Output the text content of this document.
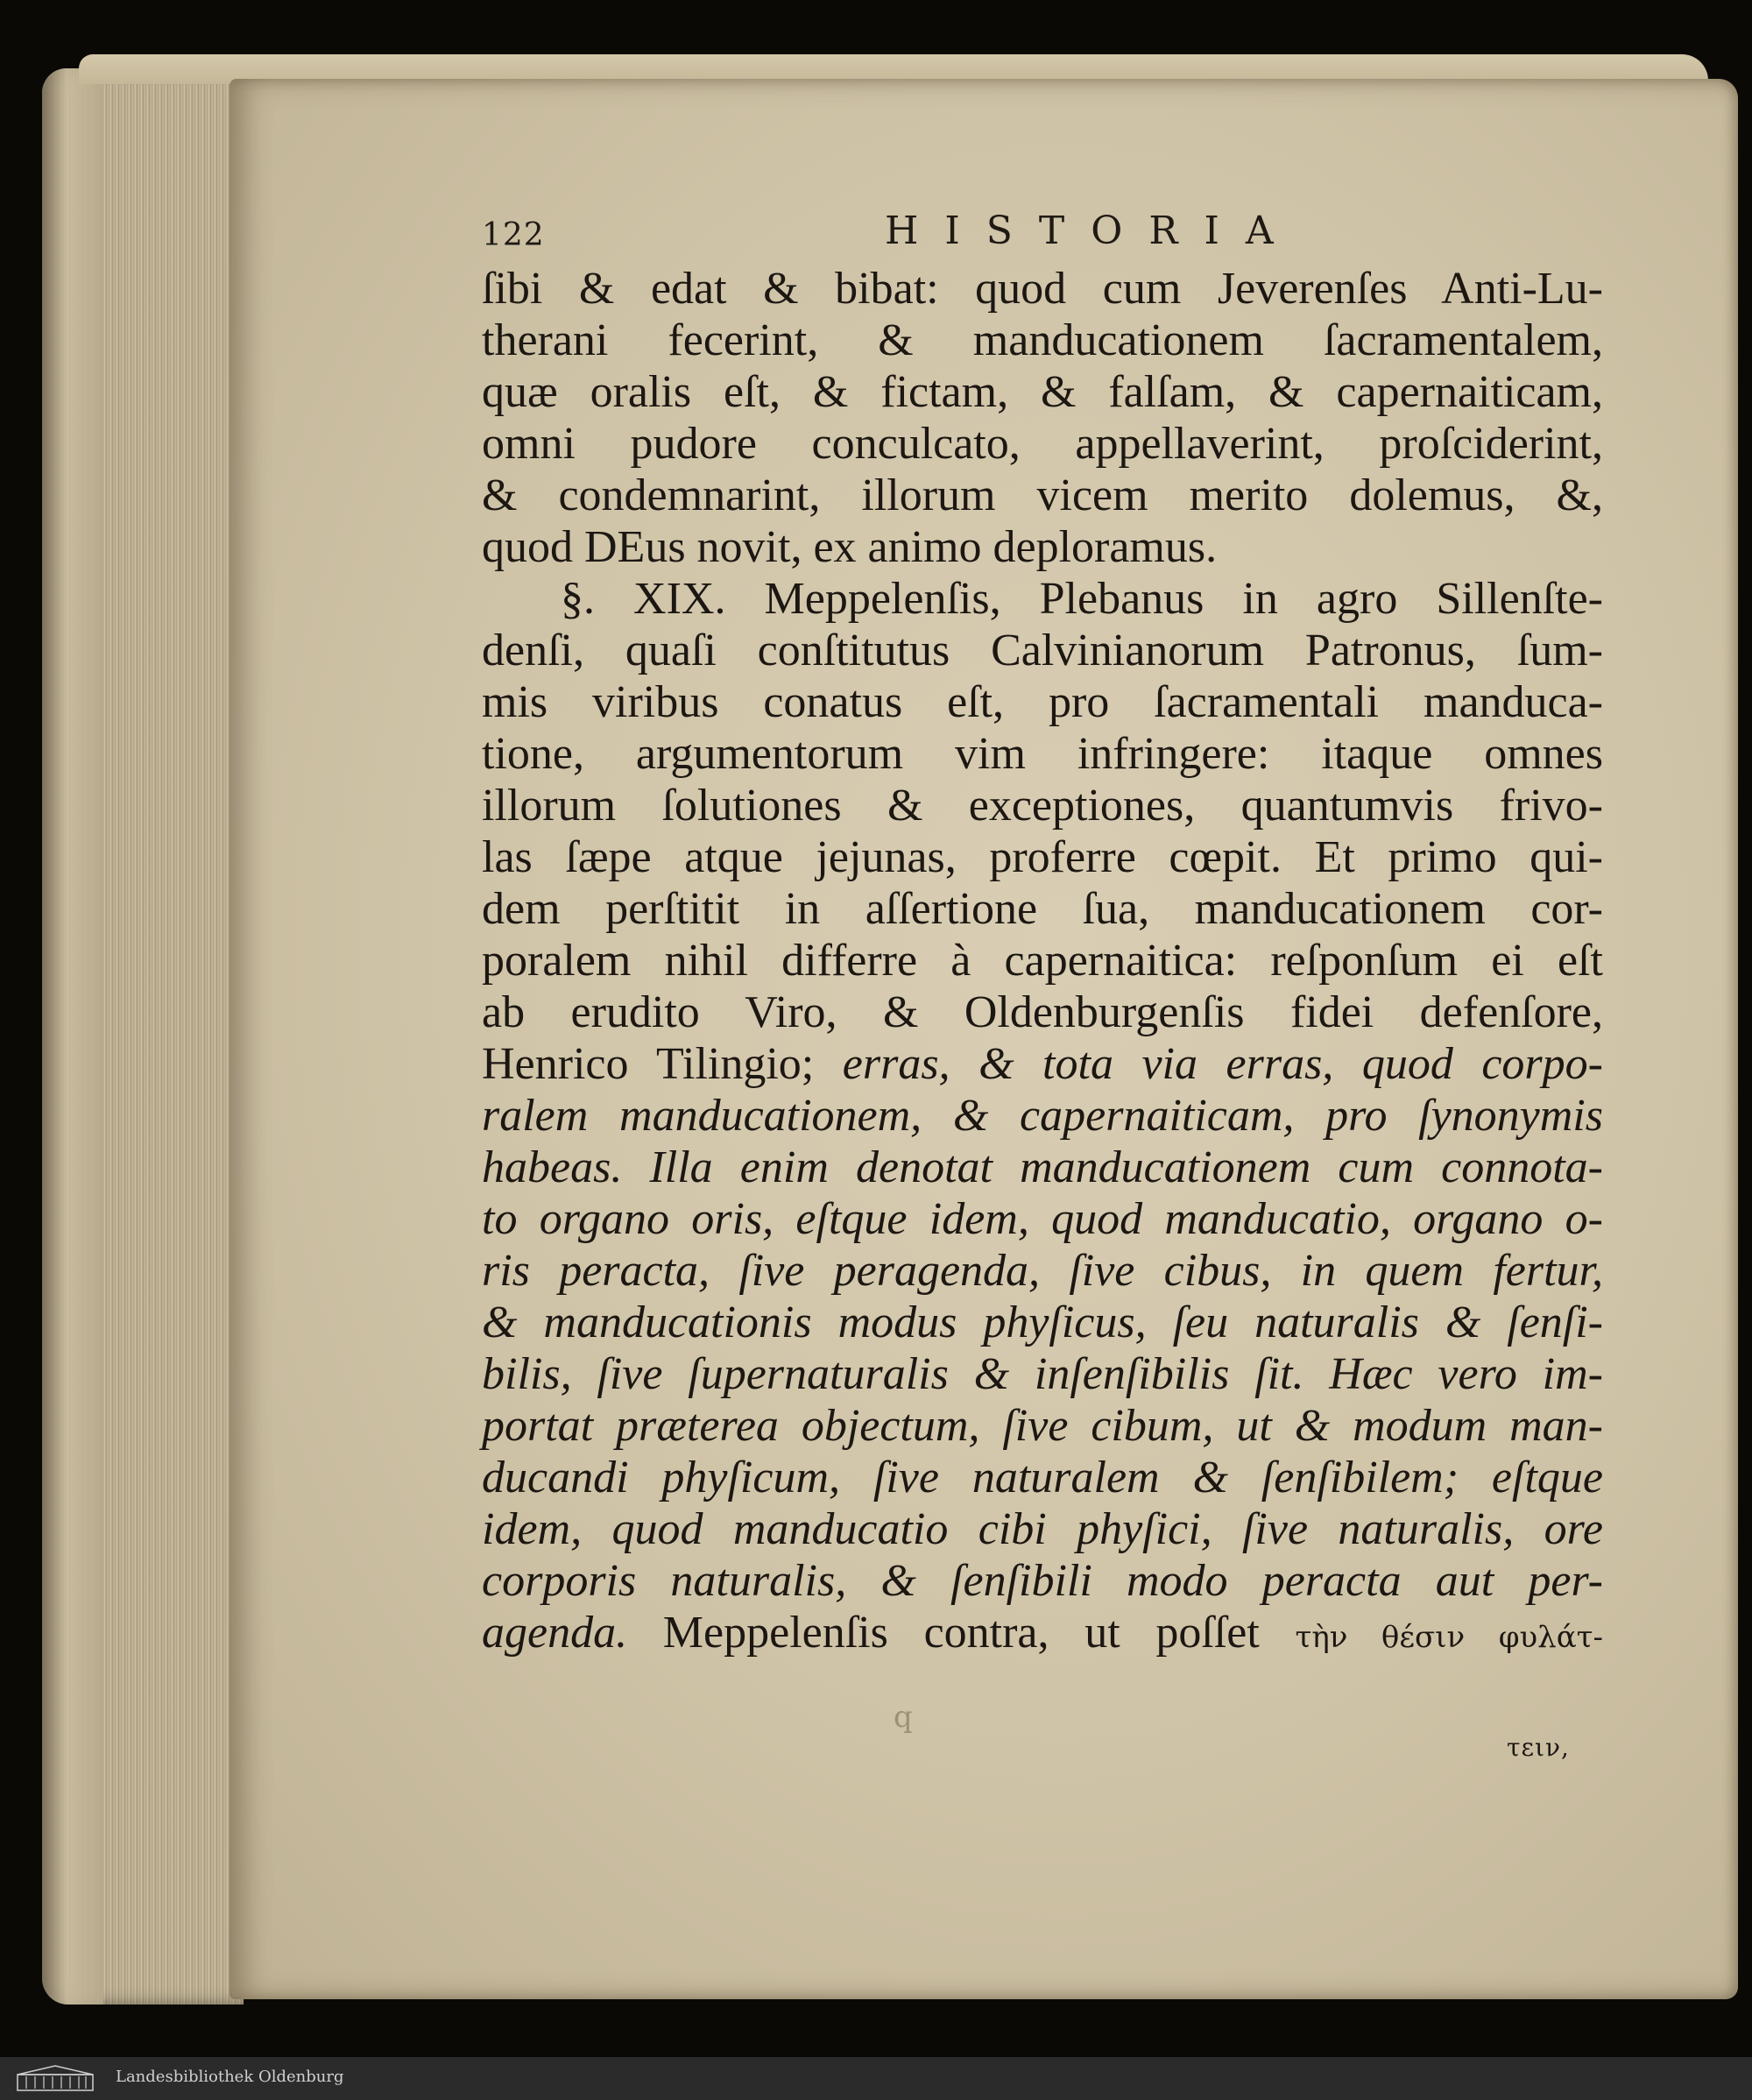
122	HISTORIA
ſibi & edat & bibat: quod cum Jeverenſes Anti-Lu-
therani fecerint, & manducationem ſacramentalem,
quæ oralis eſt, & fictam, & falſam, & capernaiticam,
omni pudore conculcato, appellaverint, proſciderint,
& condemnarint, illorum vicem merito dolemus, &,
quod DEus novit, ex animo deploramus.
§. XIX. Meppelenſis, Plebanus in agro Sillenſte-
denſi, quaſi conſtitutus Calvinianorum Patronus, ſum-
mis viribus conatus eſt, pro ſacramentali manduca-
tione, argumentorum vim infringere: itaque omnes
illorum ſolutiones & exceptiones, quantumvis frivo-
las ſæpe atque jejunas, proferre cœpit. Et primo qui-
dem perſtitit in aſſertione ſua, manducationem cor-
poralem nihil differre à capernaitica: reſponſum ei eſt
ab erudito Viro, & Oldenburgenſis fidei defenſore,
Henrico Tilingio; erras, & tota via erras, quod corpo-
ralem manducationem, & capernaiticam, pro ſynonymis
habeas. Illa enim denotat manducationem cum connota-
to organo oris, eſtque idem, quod manducatio, organo o-
ris peracta, ſive peragenda, ſive cibus, in quem fertur,
& manducationis modus phyſicus, ſeu naturalis & ſenſi-
bilis, ſive ſupernaturalis & inſenſibilis ſit. Hæc vero im-
portat præterea objectum, ſive cibum, ut & modum man-
ducandi phyſicum, ſive naturalem & ſenſibilem; eſtque
idem, quod manducatio cibi phyſici, ſive naturalis, ore
corporis naturalis, & ſenſibili modo peracta aut per-
agenda. Meppelenſis contra, ut poſſet τὴν θέσιν φυλάτ-
q
τειν,
Landesbibliothek Oldenburg
